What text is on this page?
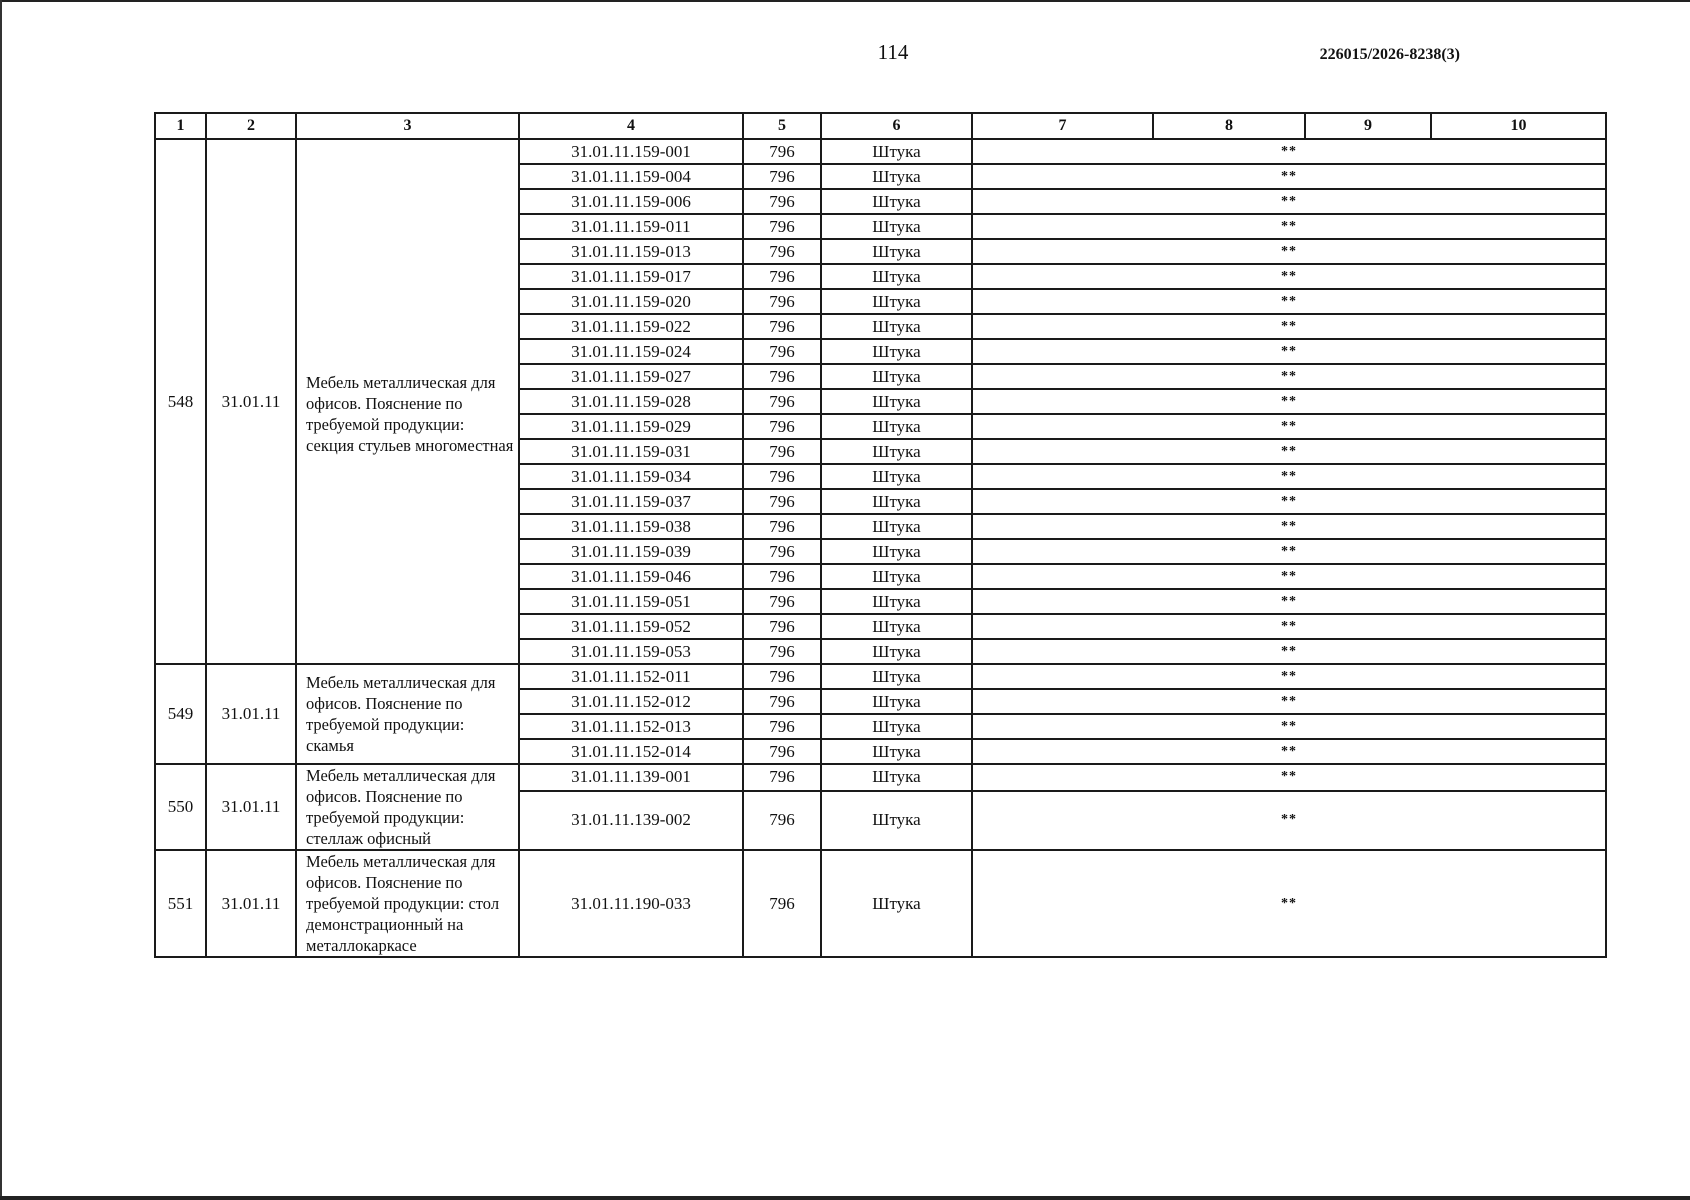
114	226015/2026-8238(3)
1	2	3	4	5	6	7	8	9	10
548	31.01.11	Мебель металлическая для офисов. Пояснение по требуемой продукции: секция стульев многоместная	31.01.11.159-001	796	Штука	**			
			31.01.11.159-004	796	Штука	**			
			31.01.11.159-006	796	Штука	**			
			31.01.11.159-011	796	Штука	**			
			31.01.11.159-013	796	Штука	**			
			31.01.11.159-017	796	Штука	**			
			31.01.11.159-020	796	Штука	**			
			31.01.11.159-022	796	Штука	**			
			31.01.11.159-024	796	Штука	**			
			31.01.11.159-027	796	Штука	**			
			31.01.11.159-028	796	Штука	**			
			31.01.11.159-029	796	Штука	**			
			31.01.11.159-031	796	Штука	**			
			31.01.11.159-034	796	Штука	**			
			31.01.11.159-037	796	Штука	**			
			31.01.11.159-038	796	Штука	**			
			31.01.11.159-039	796	Штука	**			
			31.01.11.159-046	796	Штука	**			
			31.01.11.159-051	796	Штука	**			
			31.01.11.159-052	796	Штука	**			
			31.01.11.159-053	796	Штука	**			
549	31.01.11	Мебель металлическая для офисов. Пояснение по требуемой продукции: скамья	31.01.11.152-011	796	Штука	**			
			31.01.11.152-012	796	Штука	**			
			31.01.11.152-013	796	Штука	**			
			31.01.11.152-014	796	Штука	**			
550	31.01.11	Мебель металлическая для офисов. Пояснение по требуемой продукции: стеллаж офисный	31.01.11.139-001	796	Штука	**			
			31.01.11.139-002	796	Штука	**			
551	31.01.11	Мебель металлическая для офисов. Пояснение по требуемой продукции: стол демонстрационный на металлокаркасе	31.01.11.190-033	796	Штука	**			
